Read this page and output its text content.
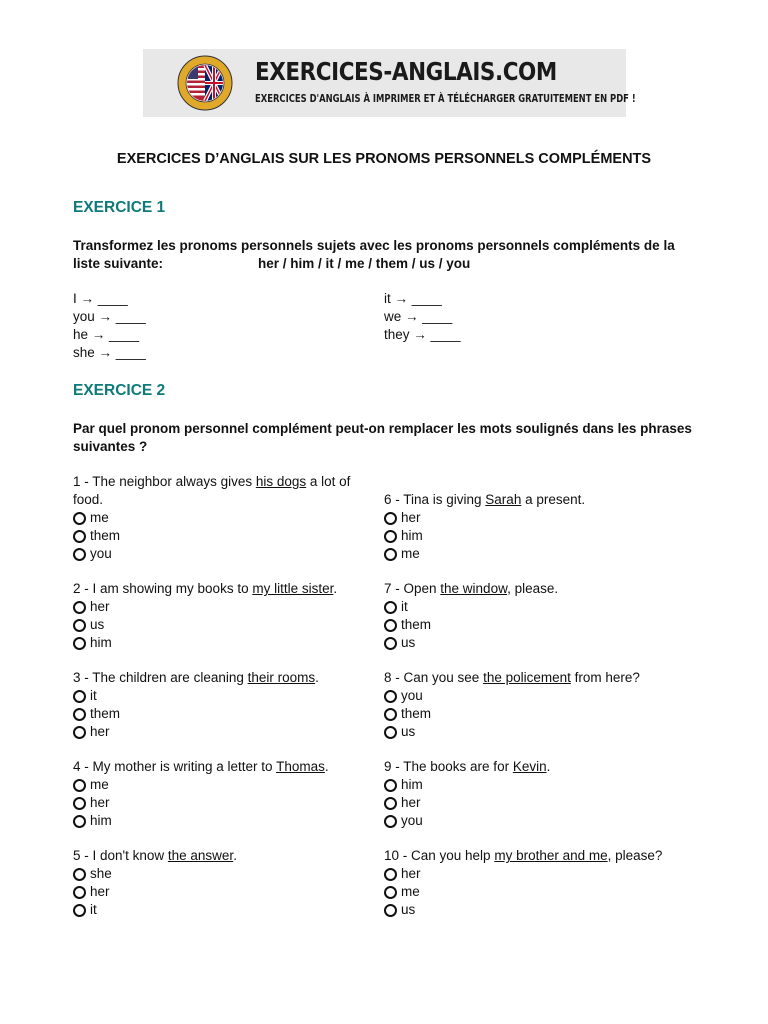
EXERCICES-ANGLAIS.COM
EXERCICES D'ANGLAIS À IMPRIMER ET À TÉLÉCHARGER GRATUITEMENT EN PDF !
EXERCICES D’ANGLAIS SUR LES PRONOMS PERSONNELS COMPLÉMENTS
EXERCICE 1
Transformez les pronoms personnels sujets avec les pronoms personnels compléments de la liste suivante:	her / him / it / me / them / us / you
I → ____
you → ____
he → ____
she → ____
it → ____
we → ____
they → ____
EXERCICE 2
Par quel pronom personnel complément peut-on remplacer les mots soulignés dans les phrases suivantes ?

1 - The neighbor always gives his dogs a lot of food.

me
them
you

2 - I am showing my books to my little sister.

her
us
him

3 - The children are cleaning their rooms.

it
them
her

4 - My mother is writing a letter to Thomas.

me
her
him

5 - I don't know the answer.

she
her
it

6 - Tina is giving Sarah a present.

her
him
me

7 - Open the window, please.

it
them
us

8 - Can you see the policement from here?

you
them
us

9 - The books are for Kevin.

him
her
you

10 - Can you help my brother and me, please?

her
me
us
